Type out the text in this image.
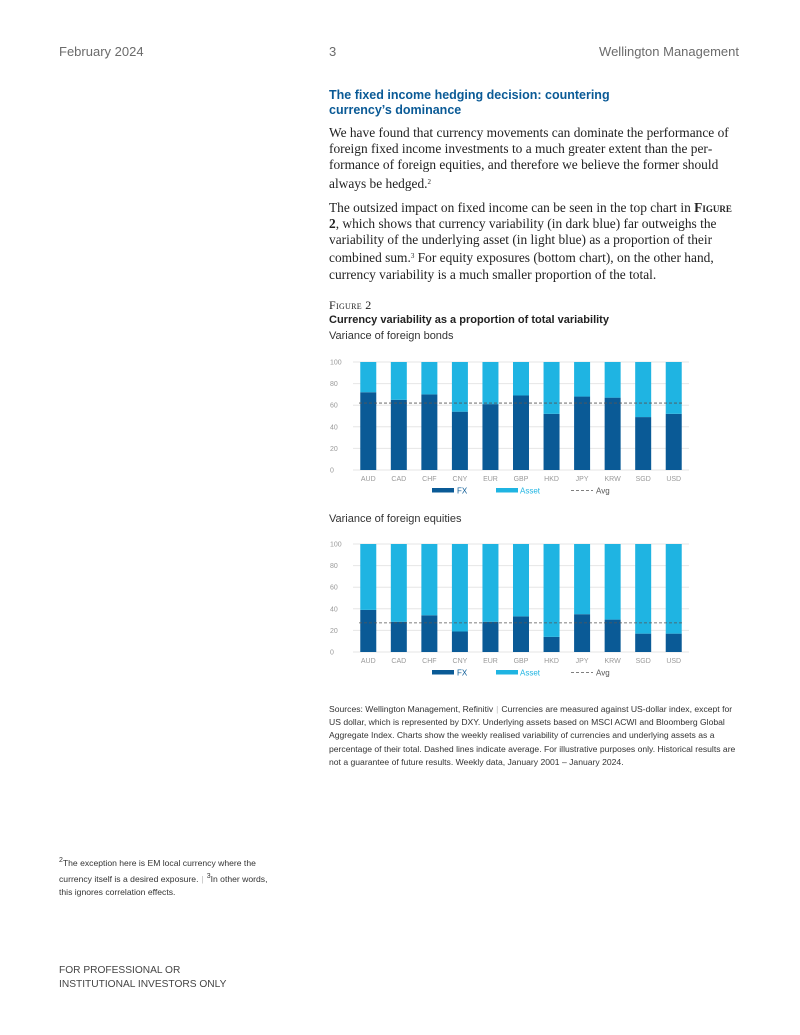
February 2024	3	Wellington Management
The fixed income hedging decision: countering
currency’s dominance

We have found that currency movements can dominate the performance of foreign fixed income investments to a much greater extent than the performance of foreign equities, and therefore we believe the former should always be hedged.$^2$

The outsized impact on fixed income can be seen in the top chart in Figure 2, which shows that currency variability (in dark blue) far outweighs the variability of the underlying asset (in light blue) as a proportion of their combined sum.$^3$ For equity exposures (bottom chart), on the other hand, currency variability is a much smaller proportion of the total.

Figure 2
Currency variability as a proportion of total variability
Variance of foreign bonds
0
20
40
60
80
100
AUD CAD CHF CNY EUR GBP HKD JPY KRW SGD USD
FX	Asset	Avg
Variance of foreign equities
0
20
40
60
80
100
AUD CAD CHF CNY EUR GBP HKD JPY KRW SGD USD
FX	Asset	Avg
Sources: Wellington Management, Refinitiv | Currencies are measured against US-dollar index, except for US dollar, which is represented by DXY. Underlying assets based on MSCI ACWI and Bloomberg Global Aggregate Index. Charts show the weekly realised variability of currencies and underlying assets as a percentage of their total. Dashed lines indicate average. For illustrative purposes only. Historical results are not a guarantee of future results. Weekly data, January 2001 – January 2024.
$^2$The exception here is EM local currency where the currency itself is a desired exposure. | $^3$In other words, this ignores correlation effects.
FOR PROFESSIONAL OR
INSTITUTIONAL INVESTORS ONLY
